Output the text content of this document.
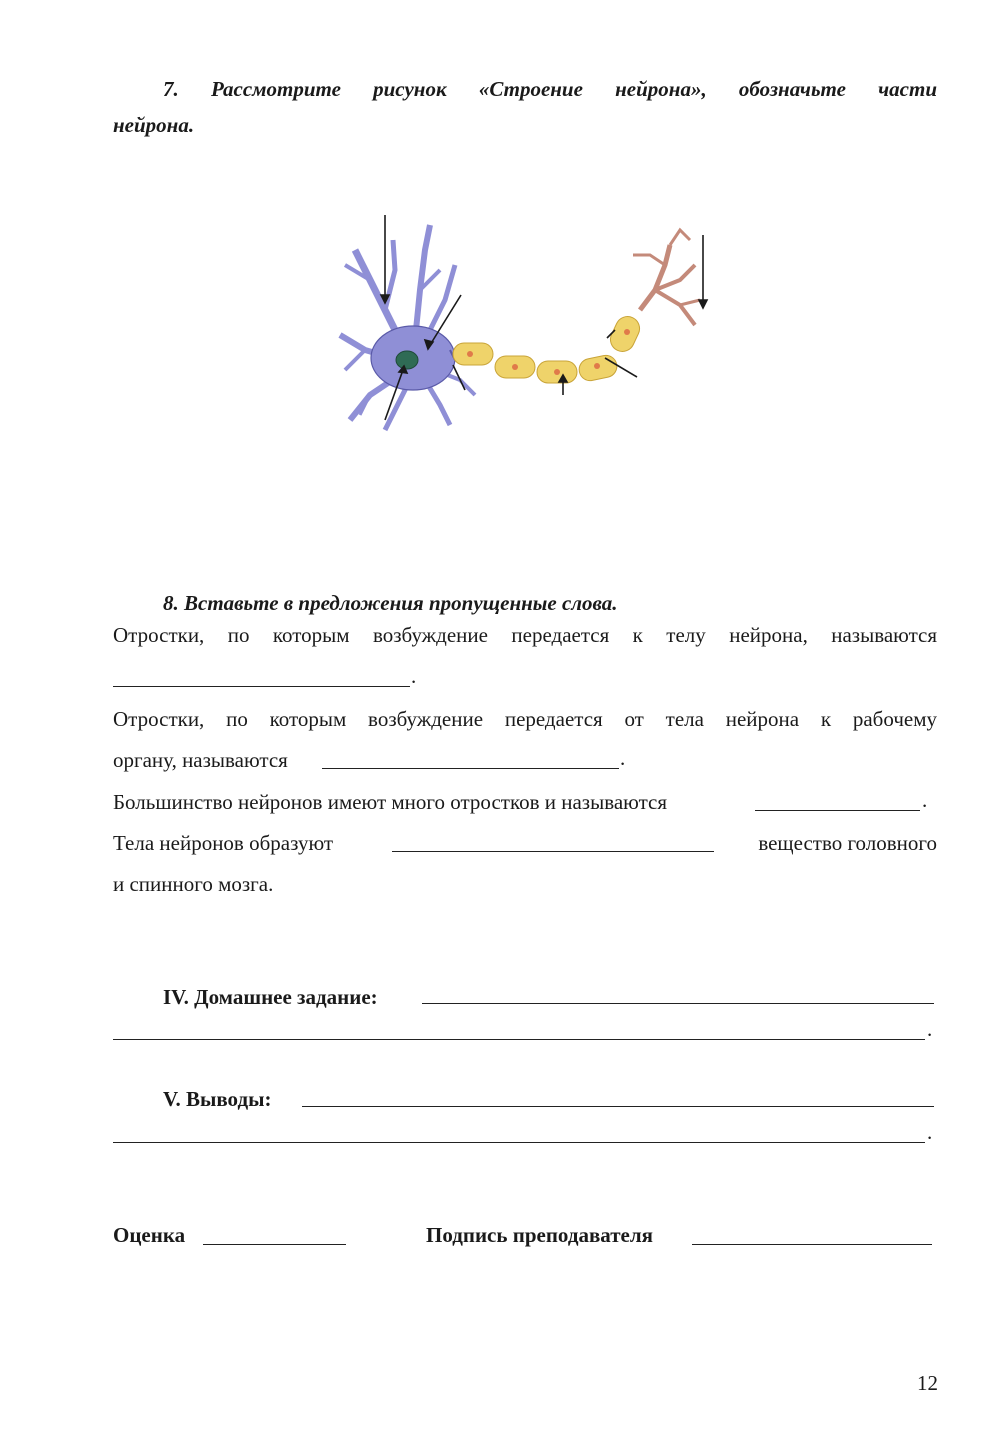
7. Рассмотрите рисунок «Строение нейрона», обозначьте части
нейрона.
8. Вставьте в предложения пропущенные слова.
Отростки, по которым возбуждение передается к телу нейрона, называются
.
Отростки, по которым возбуждение передается от тела нейрона к рабочему
органу, называются	.
Большинство нейронов имеют много отростков и называются	.
Тела нейронов образуют	вещество головного
и спинного мозга.
IV. Домашнее задание:
.
V. Выводы:
.
Оценка	Подпись преподавателя
12
